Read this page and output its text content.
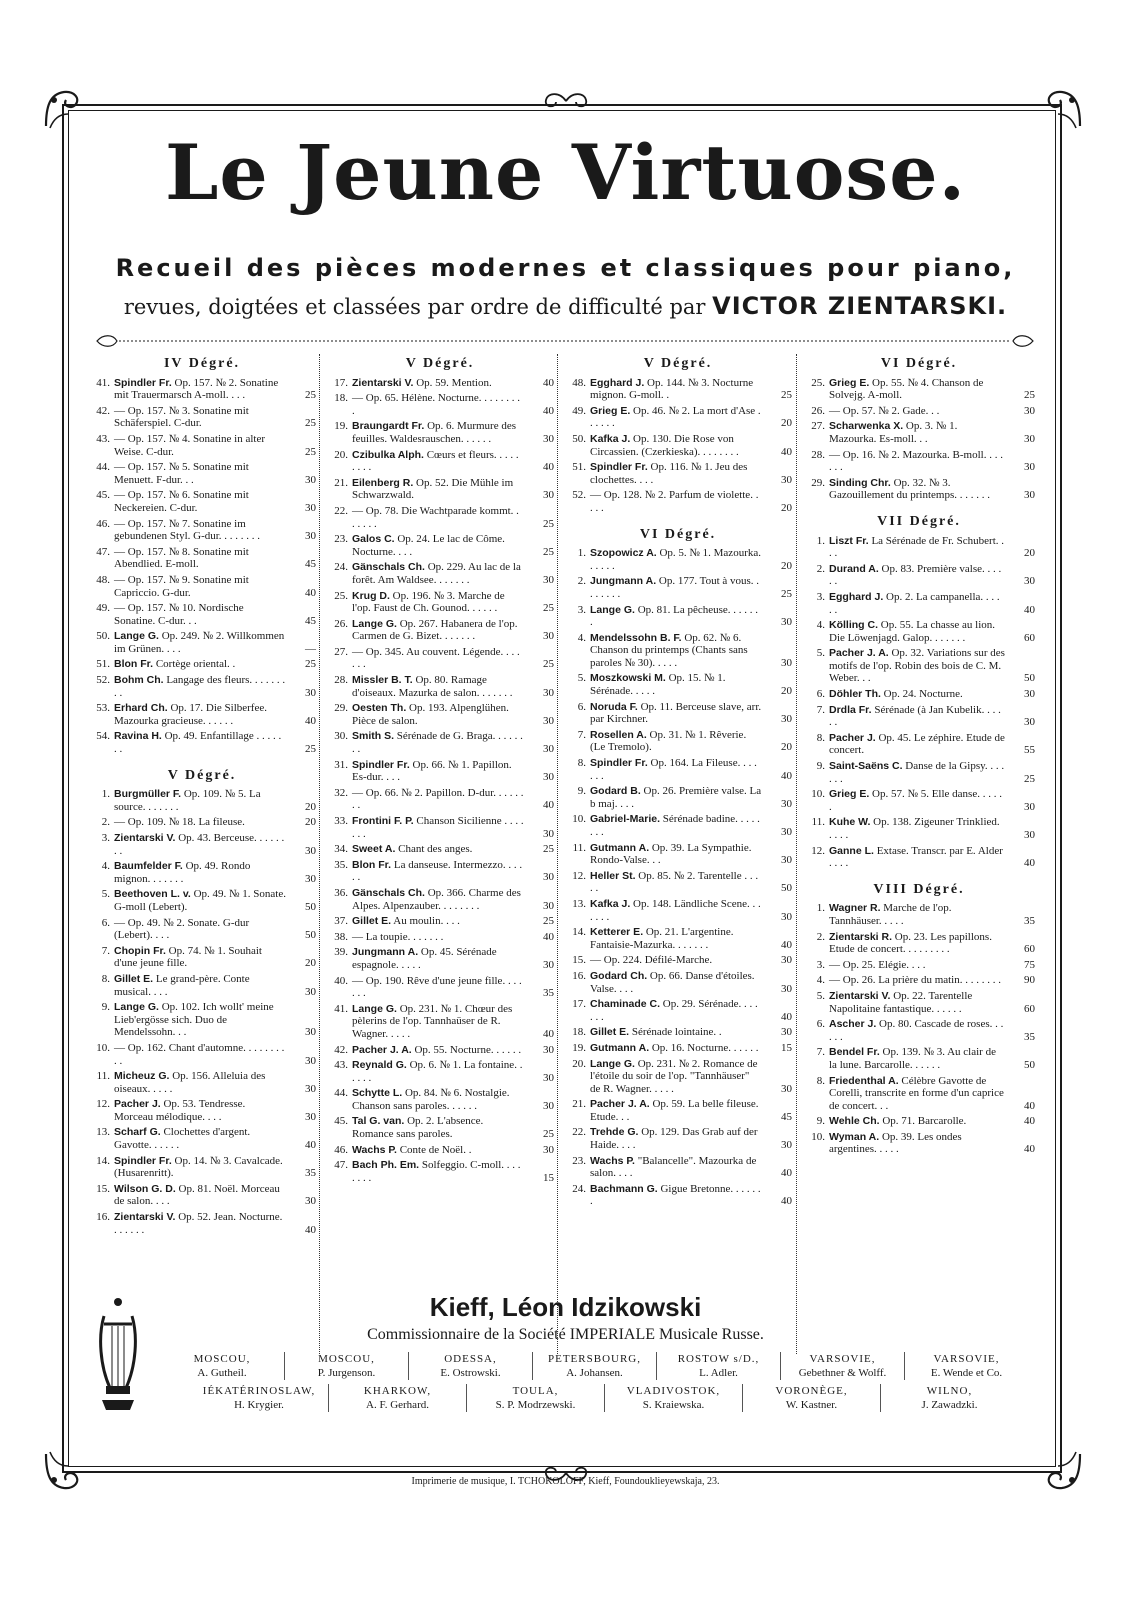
Le Jeune Virtuose.
Recueil des pièces modernes et classiques pour piano,
revues, doigtées et classées par ordre de difficulté par VICTOR ZIENTARSKI.
IV Dégré.
41. Spindler Fr. Op. 157. № 2. Sonatine mit Trauermarsch A-moll. . . .	25
42. — Op. 157. № 3. Sonatine mit Schäferspiel. C-dur.	25
43. — Op. 157. № 4. Sonatine in alter Weise. C-dur.	25
44. — Op. 157. № 5. Sonatine mit Menuett. F-dur. . .	30
45. — Op. 157. № 6. Sonatine mit Neckereien. C-dur.	30
46. — Op. 157. № 7. Sonatine im gebundenen Styl. G-dur. . . . . . . .	30
47. — Op. 157. № 8. Sonatine mit Abendlied. E-moll.	45
48. — Op. 157. № 9. Sonatine mit Capriccio. G-dur.	40
49. — Op. 157. № 10. Nordische Sonatine. C-dur. . .	45
50. Lange G. Op. 249. № 2. Willkommen im Grünen. . . .	—
51. Blon Fr. Cortège oriental. .	25
52. Bohm Ch. Langage des fleurs. . . . . . . . .	30
53. Erhard Ch. Op. 17. Die Silberfee. Mazourka gracieuse. . . . . .	40
54. Ravina H. Op. 49. Enfantillage . . . . . . .	25
V Dégré.
1. Burgmüller F. Op. 109. № 5. La source. . . . . . .	20
2. — Op. 109. № 18. La fileuse.	20
3. Zientarski V. Op. 43. Berceuse. . . . . . . .	30
4. Baumfelder F. Op. 49. Rondo mignon. . . . . . .	30
5. Beethoven L. v. Op. 49. № 1. Sonate. G-moll (Lebert).	50
6. — Op. 49. № 2. Sonate. G-dur (Lebert). . . .	50
7. Chopin Fr. Op. 74. № 1. Souhait d'une jeune fille.	20
8. Gillet E. Le grand-père. Conte musical. . . .	30
9. Lange G. Op. 102. Ich wollt' meine Lieb'ergösse sich. Duo de Mendelssohn. . .	30
10. — Op. 162. Chant d'automne. . . . . . . . . .	30
11. Micheuz G. Op. 156. Alleluia des oiseaux. . . . .	30
12. Pacher J. Op. 53. Tendresse. Morceau mélodique. . . .	30
13. Scharf G. Clochettes d'argent. Gavotte. . . . . .	40
14. Spindler Fr. Op. 14. № 3. Cavalcade. (Husarenritt).	35
15. Wilson G. D. Op. 81. Noël. Morceau de salon. . . .	30
16. Zientarski V. Op. 52. Jean. Nocturne. . . . . . .	40
V Dégré.
17. Zientarski V. Op. 59. Mention.	40
18. — Op. 65. Hélène. Nocturne. . . . . . . . .	40
19. Braungardt Fr. Op. 6. Murmure des feuilles. Waldesrauschen. . . . . .	30
20. Czibulka Alph. Cœurs et fleurs. . . . . . . . .	40
21. Eilenberg R. Op. 52. Die Mühle im Schwarzwald.	30
22. — Op. 78. Die Wachtparade kommt. . . . . . .	25
23. Galos C. Op. 24. Le lac de Côme. Nocturne. . . .	25
24. Gänschals Ch. Op. 229. Au lac de la forêt. Am Waldsee. . . . . . .	30
25. Krug D. Op. 196. № 3. Marche de l'op. Faust de Ch. Gounod. . . . . .	25
26. Lange G. Op. 267. Habanera de l'op. Carmen de G. Bizet. . . . . . .	30
27. — Op. 345. Au couvent. Légende. . . . . . .	25
28. Missler B. T. Op. 80. Ramage d'oiseaux. Mazurka de salon. . . . . . .	30
29. Oesten Th. Op. 193. Alpenglühen. Pièce de salon.	30
30. Smith S. Sérénade de G. Braga. . . . . . . .	30
31. Spindler Fr. Op. 66. № 1. Papillon. Es-dur. . . .	30
32. — Op. 66. № 2. Papillon. D-dur. . . . . . . .	40
33. Frontini F. P. Chanson Sicilienne . . . . . . .	30
34. Sweet A. Chant des anges.	25
35. Blon Fr. La danseuse. Intermezzo. . . . . .	30
36. Gänschals Ch. Op. 366. Charme des Alpes. Alpenzauber. . . . . . . .	30
37. Gillet E. Au moulin. . . .	25
38. — La toupie. . . . . . .	40
39. Jungmann A. Op. 45. Sérénade espagnole. . . . .	30
40. — Op. 190. Rêve d'une jeune fille. . . . . . .	35
41. Lange G. Op. 231. № 1. Chœur des pèlerins de l'op. Tannhaüser de R. Wagner. . . . .	40
42. Pacher J. A. Op. 55. Nocturne. . . . . .	30
43. Reynald G. Op. 6. № 1. La fontaine. . . . . .	30
44. Schytte L. Op. 84. № 6. Nostalgie. Chanson sans paroles. . . . . .	30
45. Tal G. van. Op. 2. L'absence. Romance sans paroles.	25
46. Wachs P. Conte de Noël. .	30
47. Bach Ph. Em. Solfeggio. C-moll. . . . . . . .	15
V Dégré.
48. Egghard J. Op. 144. № 3. Nocturne mignon. G-moll. .	25
49. Grieg E. Op. 46. № 2. La mort d'Ase . . . . . .	20
50. Kafka J. Op. 130. Die Rose von Circassien. (Czerkieska). . . . . . . .	40
51. Spindler Fr. Op. 116. № 1. Jeu des clochettes. . . .	30
52. — Op. 128. № 2. Parfum de violette. . . . .	20
VI Dégré.
1. Szopowicz A. Op. 5. № 1. Mazourka. . . . . .	20
2. Jungmann A. Op. 177. Tout à vous. . . . . . . .	25
3. Lange G. Op. 81. La pêcheuse. . . . . . .	30
4. Mendelssohn B. F. Op. 62. № 6. Chanson du printemps (Chants sans paroles № 30). . . . .	30
5. Moszkowski M. Op. 15. № 1. Sérénade. . . . .	20
6. Noruda F. Op. 11. Berceuse slave, arr. par Kirchner.	30
7. Rosellen A. Op. 31. № 1. Rêverie. (Le Tremolo).	20
8. Spindler Fr. Op. 164. La Fileuse. . . . . . .	40
9. Godard B. Op. 26. Première valse. La b maj. . . .	30
10. Gabriel-Marie. Sérénade badine. . . . . . . .	30
11. Gutmann A. Op. 39. La Sympathie. Rondo-Valse. . .	30
12. Heller St. Op. 85. № 2. Tarentelle . . . . .	50
13. Kafka J. Op. 148. Ländliche Scene. . . . . . .	30
14. Ketterer E. Op. 21. L'argentine. Fantaisie-Mazurka. . . . . . .	40
15. — Op. 224. Défilé-Marche.	30
16. Godard Ch. Op. 66. Danse d'étoiles. Valse. . . .	30
17. Chaminade C. Op. 29. Sérénade. . . . . . .	40
18. Gillet E. Sérénade lointaine. .	30
19. Gutmann A. Op. 16. Nocturne. . . . . .	15
20. Lange G. Op. 231. № 2. Romance de l'étoile du soir de l'op. "Tannhäuser" de R. Wagner. . . . .	30
21. Pacher J. A. Op. 59. La belle fileuse. Etude. . .	45
22. Trehde G. Op. 129. Das Grab auf der Haide. . . .	30
23. Wachs P. "Balancelle". Mazourka de salon. . . .	40
24. Bachmann G. Gigue Bretonne. . . . . . .	40
VI Dégré.
25. Grieg E. Op. 55. № 4. Chanson de Solvejg. A-moll.	25
26. — Op. 57. № 2. Gade. . .	30
27. Scharwenka X. Op. 3. № 1. Mazourka. Es-moll. . .	30
28. — Op. 16. № 2. Mazourka. B-moll. . . . . . .	30
29. Sinding Chr. Op. 32. № 3. Gazouillement du printemps. . . . . . .	30
VII Dégré.
1. Liszt Fr. La Sérénade de Fr. Schubert. . . .	20
2. Durand A. Op. 83. Première valse. . . . . .	30
3. Egghard J. Op. 2. La campanella. . . . . .	40
4. Kölling C. Op. 55. La chasse au lion. Die Löwenjagd. Galop. . . . . . .	60
5. Pacher J. A. Op. 32. Variations sur des motifs de l'op. Robin des bois de C. M. Weber. . .	50
6. Döhler Th. Op. 24. Nocturne.	30
7. Drdla Fr. Sérénade (à Jan Kubelik. . . . . .	30
8. Pacher J. Op. 45. Le zéphire. Etude de concert.	55
9. Saint-Saëns C. Danse de la Gipsy. . . . . . .	25
10. Grieg E. Op. 57. № 5. Elle danse. . . . . .	30
11. Kuhe W. Op. 138. Zigeuner Trinklied. . . . .	30
12. Ganne L. Extase. Transcr. par E. Alder . . . .	40
VIII Dégré.
1. Wagner R. Marche de l'op. Tannhäuser. . . . .	35
2. Zientarski R. Op. 23. Les papillons. Etude de concert. . . . . . . . .	60
3. — Op. 25. Elégie. . . .	75
4. — Op. 26. La prière du matin. . . . . . . .	90
5. Zientarski V. Op. 22. Tarentelle Napolitaine fantastique. . . . . .	60
6. Ascher J. Op. 80. Cascade de roses. . . . . .	35
7. Bendel Fr. Op. 139. № 3. Au clair de la lune. Barcarolle. . . . . .	50
8. Friedenthal A. Célèbre Gavotte de Corelli, transcrite en forme d'un caprice de concert. . .	40
9. Wehle Ch. Op. 71. Barcarolle.	40
10. Wyman A. Op. 39. Les ondes argentines. . . . .	40
Kieff, Léon Idzikowski
Commissionnaire de la Société IMPERIALE Musicale Russe.
MOSCOU,
A. Gutheil.
MOSCOU,
P. Jurgenson.
ODESSA,
E. Ostrowski.
PETERSBOURG,
A. Johansen.
ROSTOW s/D.,
L. Adler.
VARSOVIE,
Gebethner & Wolff.
VARSOVIE,
E. Wende et Co.
IÉKATÉRINOSLAW,
H. Krygier.
KHARKOW,
A. F. Gerhard.
TOULA,
S. P. Modrzewski.
VLADIVOSTOK,
S. Kraiewska.
VORONÈGE,
W. Kastner.
WILNO,
J. Zawadzki.
Imprimerie de musique, I. TCHOKOLOFF, Kieff, Foundouklieyewskaja, 23.
